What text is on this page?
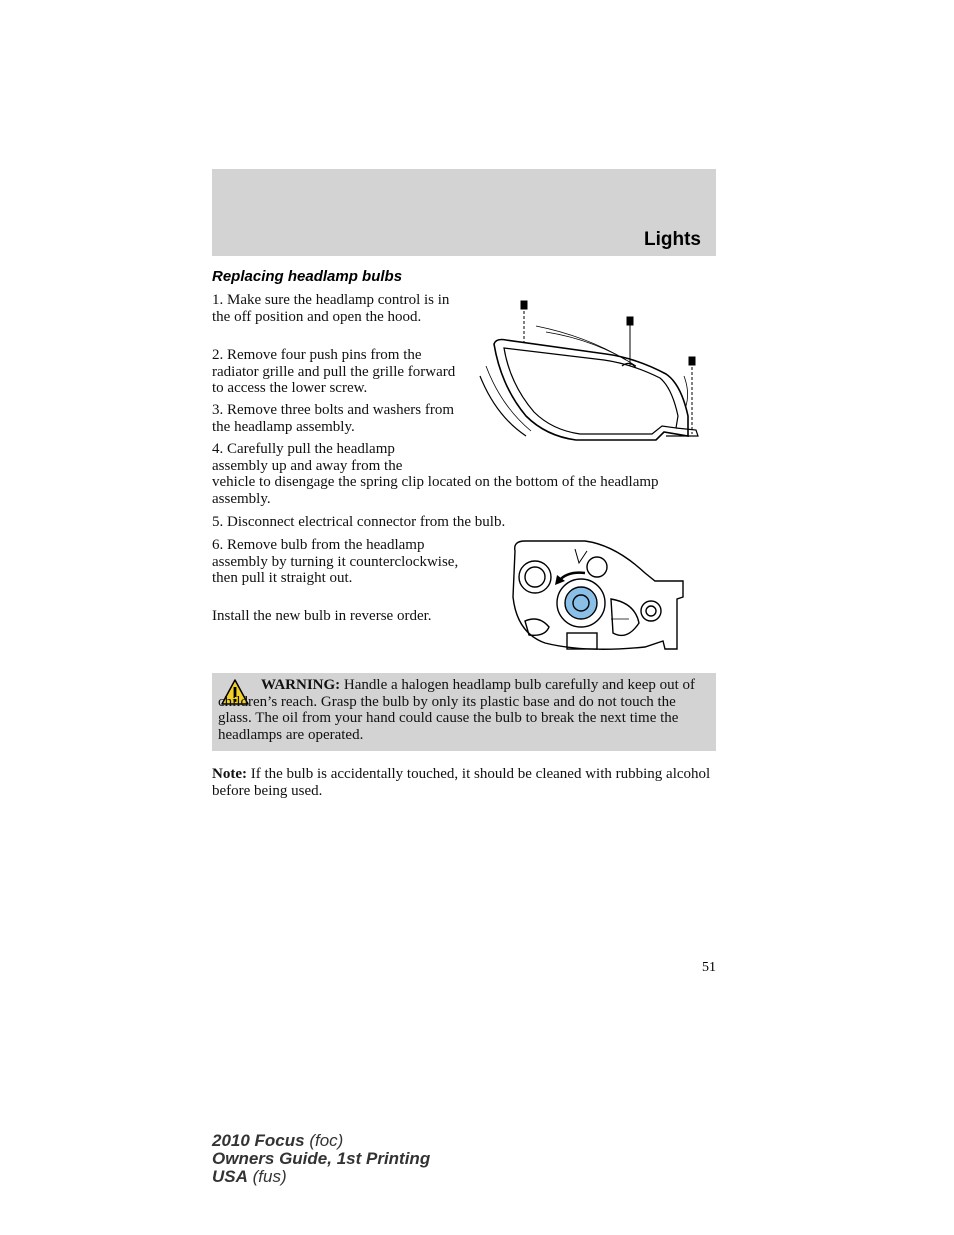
Lights
Replacing headlamp bulbs

1. Make sure the headlamp control is in the off position and open the hood.

2. Remove four push pins from the radiator grille and pull the grille forward to access the lower screw.

3. Remove three bolts and washers from the headlamp assembly.

4. Carefully pull the headlamp
assembly up and away from the
vehicle to disengage the spring clip located on the bottom of the headlamp assembly.

5. Disconnect electrical connector from the bulb.

6. Remove bulb from the headlamp assembly by turning it counterclockwise, then pull it straight out.

Install the new bulb in reverse order.

WARNING: Handle a halogen headlamp bulb carefully and keep out of children’s reach. Grasp the bulb by only its plastic base and do not touch the glass. The oil from your hand could cause the bulb to break the next time the headlamps are operated.

Note: If the bulb is accidentally touched, it should be cleaned with rubbing alcohol before being used.

51
2010 Focus (foc)
Owners Guide, 1st Printing
USA (fus)
